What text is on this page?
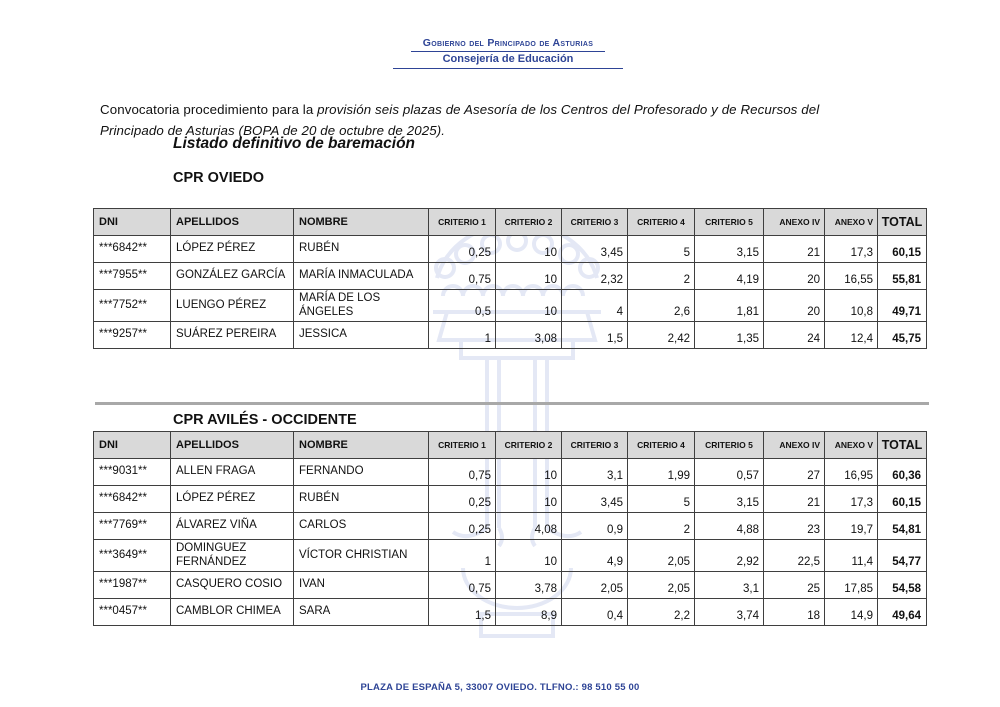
Gobierno del Principado de Asturias
Consejería de Educación

Convocatoria procedimiento para la provisión seis plazas de Asesoría de los Centros del Profesorado y de Recursos del Principado de Asturias (BOPA de 20 de octubre de 2025).

Listado definitivo de baremación
CPR OVIEDO
DNI	APELLIDOS	NOMBRE	CRITERIO 1	CRITERIO 2	CRITERIO 3	CRITERIO 4	CRITERIO 5	ANEXO IV	ANEXO V	TOTAL
***6842**	LÓPEZ PÉREZ	RUBÉN	0,25	10	3,45	5	3,15	21	17,3	60,15
***7955**	GONZÁLEZ GARCÍA	MARÍA INMACULADA	0,75	10	2,32	2	4,19	20	16,55	55,81
***7752**	LUENGO PÉREZ	MARÍA DE LOS ÁNGELES	0,5	10	4	2,6	1,81	20	10,8	49,71
***9257**	SUÁREZ PEREIRA	JESSICA	1	3,08	1,5	2,42	1,35	24	12,4	45,75
CPR AVILÉS - OCCIDENTE
DNI	APELLIDOS	NOMBRE	CRITERIO 1	CRITERIO 2	CRITERIO 3	CRITERIO 4	CRITERIO 5	ANEXO IV	ANEXO V	TOTAL
***9031**	ALLEN FRAGA	FERNANDO	0,75	10	3,1	1,99	0,57	27	16,95	60,36
***6842**	LÓPEZ PÉREZ	RUBÉN	0,25	10	3,45	5	3,15	21	17,3	60,15
***7769**	ÁLVAREZ VIÑA	CARLOS	0,25	4,08	0,9	2	4,88	23	19,7	54,81
***3649**	DOMINGUEZ FERNÁNDEZ	VÍCTOR CHRISTIAN	1	10	4,9	2,05	2,92	22,5	11,4	54,77
***1987**	CASQUERO COSIO	IVAN	0,75	3,78	2,05	2,05	3,1	25	17,85	54,58
***0457**	CAMBLOR CHIMEA	SARA	1,5	8,9	0,4	2,2	3,74	18	14,9	49,64
PLAZA DE ESPAÑA 5, 33007 OVIEDO. TLFNO.: 98 510 55 00
